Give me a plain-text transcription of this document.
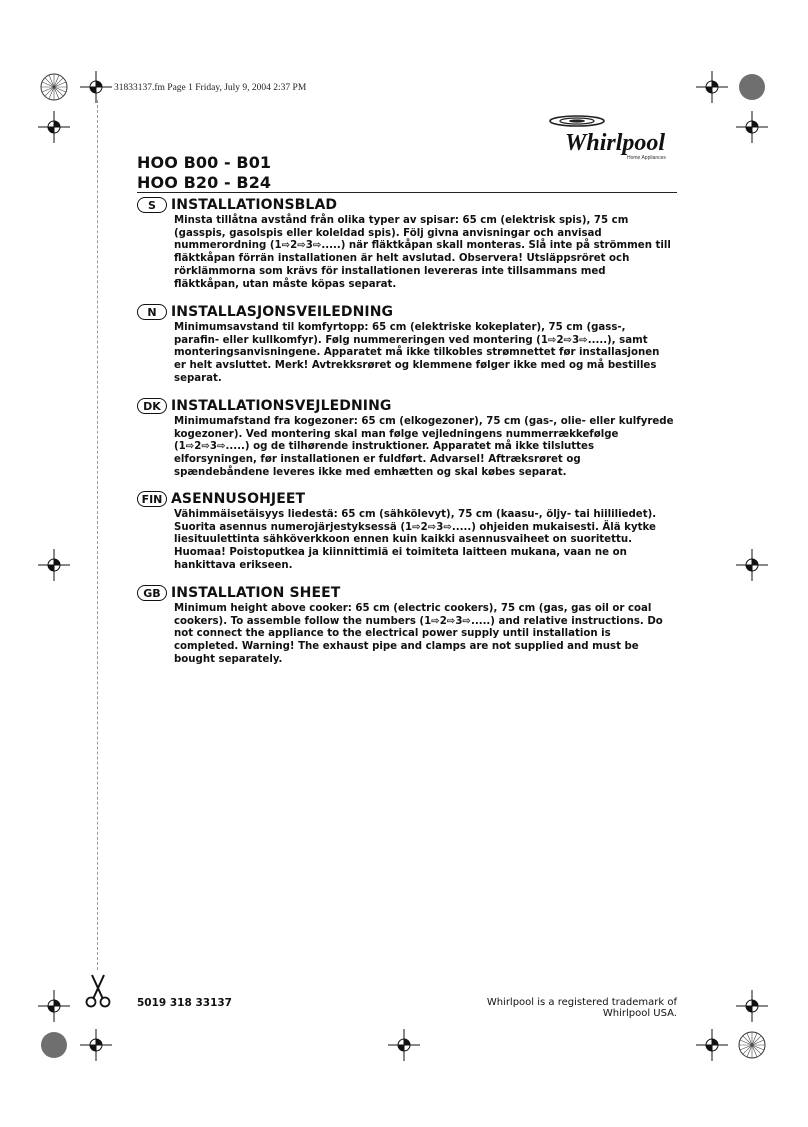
31833137.fm Page 1 Friday, July 9, 2004 2:37 PM
Whirlpool
Home Appliances
HOO B00 - B01
HOO B20 - B24
S	INSTALLATIONSBLAD
Minsta tillåtna avstånd från olika typer av spisar: 65 cm (elektrisk spis), 75 cm (gasspis, gasolspis eller koleldad spis). Följ givna anvisningar och anvisad nummerordning (1⇨2⇨3⇨.....) när fläktkåpan skall monteras. Slå inte på strömmen till fläktkåpan förrän installationen är helt avslutad. Observera! Utsläppsröret och rörklämmorna som krävs för installationen levereras inte tillsammans med fläktkåpan, utan måste köpas separat.
N	INSTALLASJONSVEILEDNING
Minimumsavstand til komfyrtopp: 65 cm (elektriske kokeplater), 75 cm (gass-, parafin- eller kullkomfyr). Følg nummereringen ved montering (1⇨2⇨3⇨.....), samt monteringsanvisningene. Apparatet må ikke tilkobles strømnettet før installasjonen er helt avsluttet. Merk! Avtrekksrøret og klemmene følger ikke med og må bestilles separat.
DK INSTALLATIONSVEJLEDNING
Minimumafstand fra kogezoner: 65 cm (elkogezoner), 75 cm (gas-, olie- eller kulfyrede kogezoner). Ved montering skal man følge vejledningens nummerrækkefølge (1⇨2⇨3⇨.....) og de tilhørende instruktioner. Apparatet må ikke tilsluttes elforsyningen, før installationen er fuldført. Advarsel! Aftræksrøret og spændebåndene leveres ikke med emhætten og skal købes separat.
FIN ASENNUSOHJEET
Vähimmäisetäisyys liedestä: 65 cm (sähkölevyt), 75 cm (kaasu-, öljy- tai hiililiedet). Suorita asennus numerojärjestyksessä (1⇨2⇨3⇨.....) ohjeiden mukaisesti. Älä kytke liesituulettinta sähköverkkoon ennen kuin kaikki asennusvaiheet on suoritettu. Huomaa! Poistoputkea ja kiinnittimiä ei toimiteta laitteen mukana, vaan ne on hankittava erikseen.
GB INSTALLATION SHEET
Minimum height above cooker: 65 cm (electric cookers), 75 cm (gas, gas oil or coal cookers). To assemble follow the numbers (1⇨2⇨3⇨.....) and relative instructions. Do not connect the appliance to the electrical power supply until installation is completed. Warning! The exhaust pipe and clamps are not supplied and must be bought separately.
5019 318 33137	Whirlpool is a registered trademark of Whirlpool USA.
